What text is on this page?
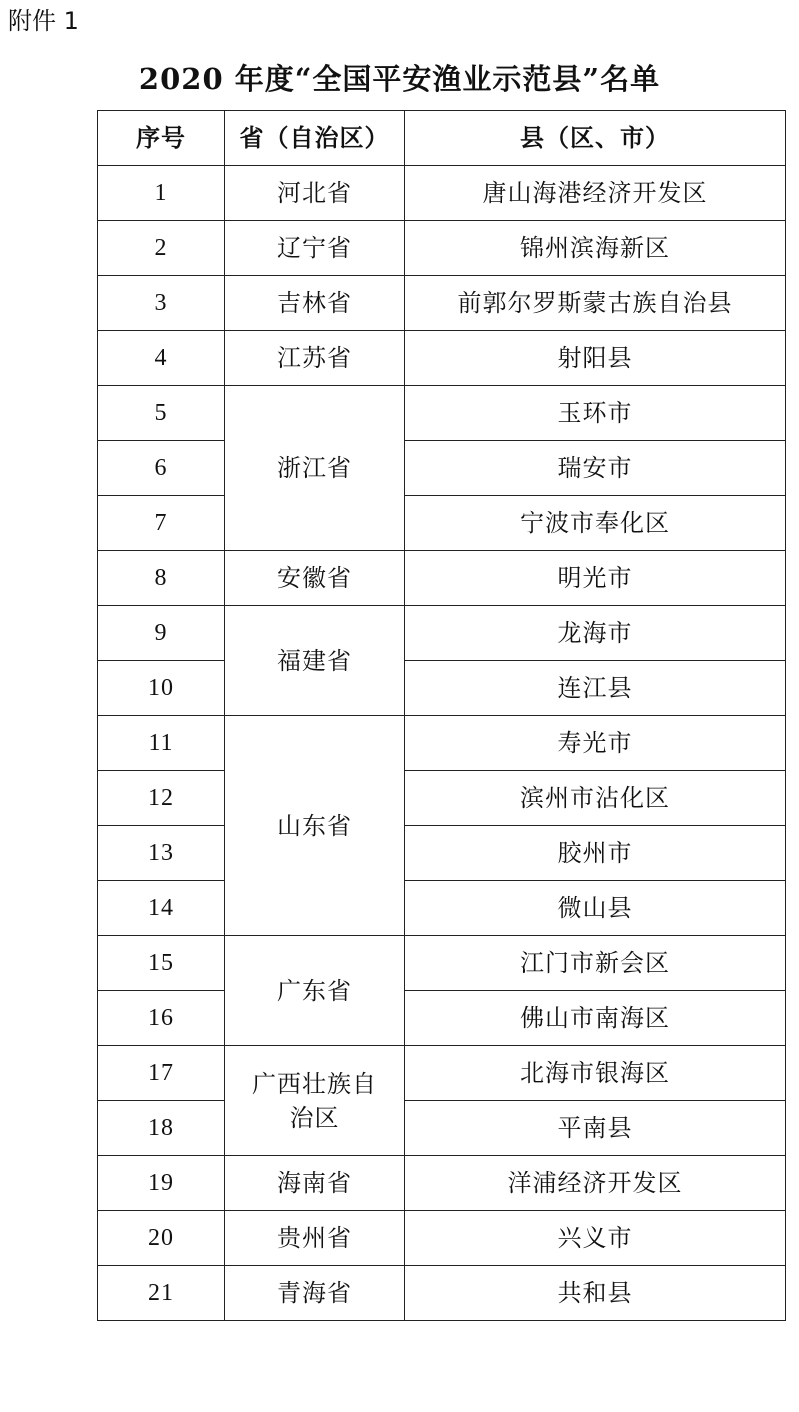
附件 1
2020 年度“全国平安渔业示范县”名单
序号	省（自治区）	县（区、市）
1	河北省	唐山海港经济开发区
2	辽宁省	锦州滨海新区
3	吉林省	前郭尔罗斯蒙古族自治县
4	江苏省	射阳县
5	浙江省	玉环市
6		瑞安市
7		宁波市奉化区
8	安徽省	明光市
9	福建省	龙海市
10		连江县
11	山东省	寿光市
12		滨州市沾化区
13		胶州市
14		微山县
15	广东省	江门市新会区
16		佛山市南海区
17	广西壮族自治区	北海市银海区
18		平南县
19	海南省	洋浦经济开发区
20	贵州省	兴义市
21	青海省	共和县
